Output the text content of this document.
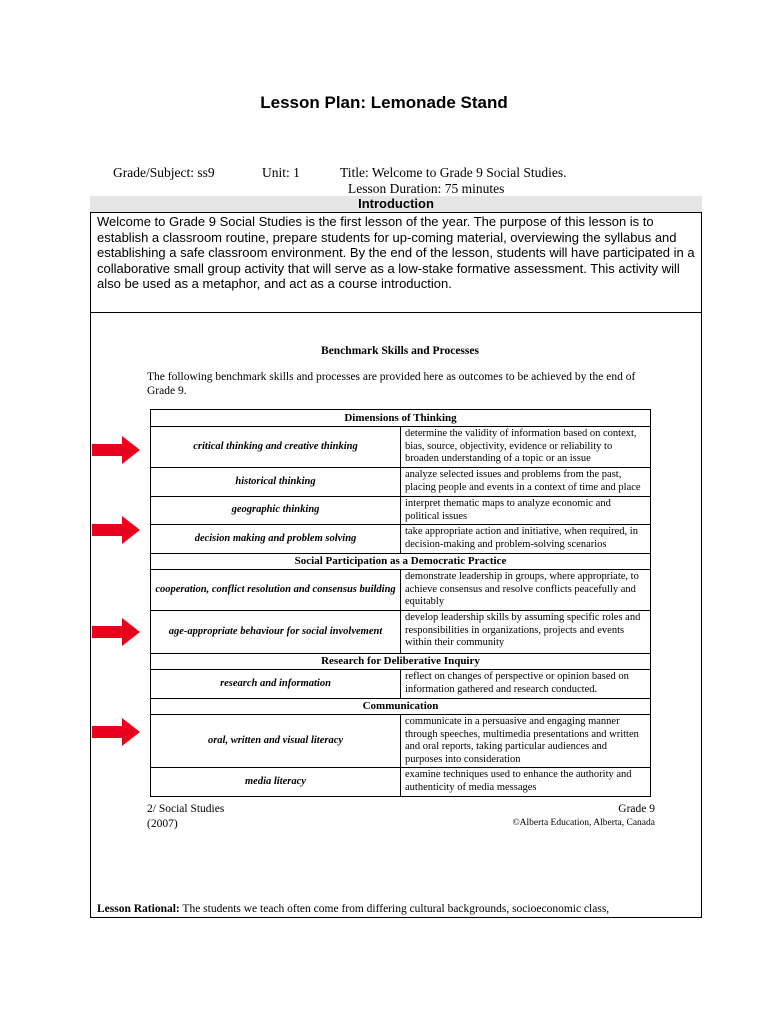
Lesson Plan: Lemonade Stand
Grade/Subject: ss9	Unit: 1	Title: Welcome to Grade 9 Social Studies.
Lesson Duration: 75 minutes
Introduction
Welcome to Grade 9 Social Studies is the first lesson of the year. The purpose of this lesson is to establish a classroom routine, prepare students for up-coming material, overviewing the syllabus and establishing a safe classroom environment. By the end of the lesson, students will have participated in a collaborative small group activity that will serve as a low-stake formative assessment. This activity will also be used as a metaphor, and act as a course introduction.
Benchmark Skills and Processes
The following benchmark skills and processes are provided here as outcomes to be achieved by the end of Grade 9.
Dimensions of Thinking	
critical thinking and creative thinking	determine the validity of information based on context, bias, source, objectivity, evidence or reliability to broaden understanding of a topic or an issue
historical thinking	analyze selected issues and problems from the past, placing people and events in a context of time and place
geographic thinking	interpret thematic maps to analyze economic and political issues
decision making and problem solving	take appropriate action and initiative, when required, in decision-making and problem-solving scenarios
Social Participation as a Democratic Practice	
cooperation, conflict resolution and consensus building	demonstrate leadership in groups, where appropriate, to achieve consensus and resolve conflicts peacefully and equitably
age-appropriate behaviour for social involvement	develop leadership skills by assuming specific roles and responsibilities in organizations, projects and events within their community
Research for Deliberative Inquiry	
research and information	reflect on changes of perspective or opinion based on information gathered and research conducted.
Communication	
oral, written and visual literacy	communicate in a persuasive and engaging manner through speeches, multimedia presentations and written and oral reports, taking particular audiences and purposes into consideration
media literacy	examine techniques used to enhance the authority and authenticity of media messages
2/ Social Studies
(2007)
Grade 9
©Alberta Education, Alberta, Canada
Lesson Rational: The students we teach often come from differing cultural backgrounds, socioeconomic class,
